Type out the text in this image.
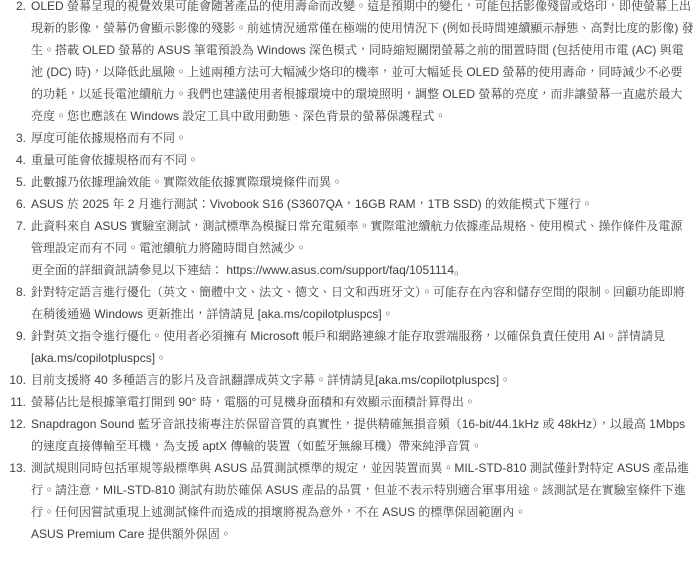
2. OLED 螢幕呈現的視覺效果可能會隨著產品的使用壽命而改變。這是預期中的變化，可能包括影像殘留或烙印，即使螢幕上出現新的影像，螢幕仍會顯示影像的殘影。前述情況通常僅在極端的使用情況下 (例如長時間連續顯示靜態、高對比度的影像) 發生。搭載 OLED 螢幕的 ASUS 筆電預設為 Windows 深色模式，同時縮短關閉螢幕之前的閒置時間 (包括使用市電 (AC) 與電池 (DC) 時)，以降低此風險。上述兩種方法可大幅減少烙印的機率，並可大幅延長 OLED 螢幕的使用壽命，同時減少不必要的功耗，以延長電池續航力。我們也建議使用者根據環境中的環境照明，調整 OLED 螢幕的亮度，而非讓螢幕一直處於最大亮度。您也應該在 Windows 設定工具中啟用動態、深色背景的螢幕保護程式。

3. 厚度可能依據規格而有不同。

4. 重量可能會依據規格而有不同。

5. 此數據乃依據理論效能。實際效能依據實際環境條件而異。

6. ASUS 於 2025 年 2 月進行測試：Vivobook S16 (S3607QA，16GB RAM，1TB SSD) 的效能模式下運行。

7. 此資料來自 ASUS 實驗室測試，測試標準為模擬日常充電頻率。實際電池續航力依據產品規格、使用模式、操作條件及電源管理設定而有不同。電池續航力將隨時間自然減少。

更全面的詳細資訊請參見以下連結： https://www.asus.com/support/faq/1051114。

8. 針對特定語言進行優化（英文、簡體中文、法文、德文、日文和西班牙文）。可能存在內容和儲存空間的限制。回顧功能即將在稍後通過 Windows 更新推出，詳情請見 [aka.ms/copilotpluspcs]。

9. 針對英文指令進行優化。使用者必須擁有 Microsoft 帳戶和網路連線才能存取雲端服務，以確保負責任使用 AI。詳情請見 [aka.ms/copilotpluspcs]。

10. 目前支援將 40 多種語言的影片及音訊翻譯成英文字幕。詳情請見[aka.ms/copilotpluspcs]。

11. 螢幕佔比是根據筆電打開到 90° 時，電腦的可見機身面積和有效顯示面積計算得出。

12. Snapdragon Sound 藍牙音訊技術專注於保留音質的真實性，提供精確無損音頻（16-bit/44.1kHz 或 48kHz），以最高 1Mbps 的速度直接傳輸至耳機，為支援 aptX 傳輸的裝置（如藍牙無線耳機）帶來純淨音質。

13. 測試規則同時包括軍規等級標準與 ASUS 品質測試標準的規定，並因裝置而異。MIL-STD-810 測試僅針對特定 ASUS 產品進行。請注意，MIL-STD-810 測試有助於確保 ASUS 產品的品質，但並不表示特別適合軍事用途。該測試是在實驗室條件下進行。任何因嘗試重現上述測試條件而造成的損壞將視為意外，不在 ASUS 的標準保固範圍內。

ASUS Premium Care 提供額外保固。
